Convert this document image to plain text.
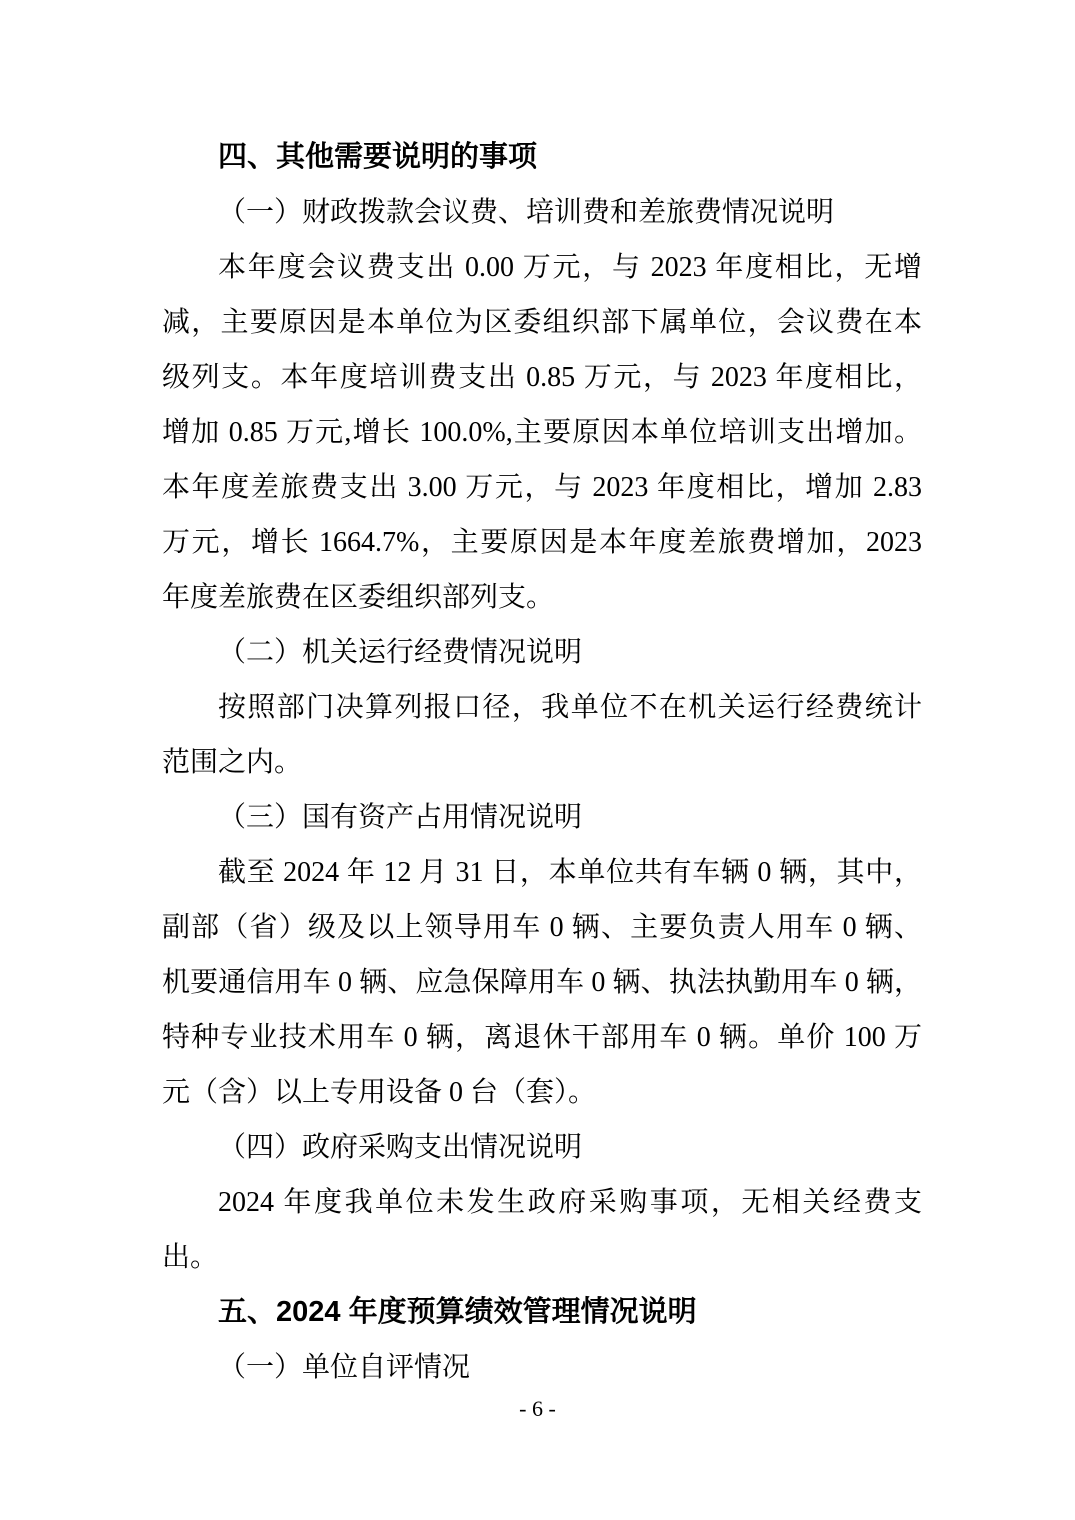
四、其他需要说明的事项
（一）财政拨款会议费、培训费和差旅费情况说明
本年度会议费支出 0.00 万元，与 2023 年度相比，无增
减，主要原因是本单位为区委组织部下属单位，会议费在本
级列支。本年度培训费支出 0.85 万元，与 2023 年度相比，
增加 0.85 万元,增长 100.0%,主要原因本单位培训支出增加。
本年度差旅费支出 3.00 万元，与 2023 年度相比，增加 2.83
万元，增长 1664.7%，主要原因是本年度差旅费增加，2023
年度差旅费在区委组织部列支。
（二）机关运行经费情况说明
按照部门决算列报口径，我单位不在机关运行经费统计
范围之内。
（三）国有资产占用情况说明
截至 2024 年 12 月 31 日，本单位共有车辆 0 辆，其中，
副部（省）级及以上领导用车 0 辆、主要负责人用车 0 辆、
机要通信用车 0 辆、应急保障用车 0 辆、执法执勤用车 0 辆，
特种专业技术用车 0 辆，离退休干部用车 0 辆。单价 100 万
元（含）以上专用设备 0 台（套）。
（四）政府采购支出情况说明
2024 年度我单位未发生政府采购事项，无相关经费支
出。
五、2024 年度预算绩效管理情况说明
（一）单位自评情况
- 6 -
